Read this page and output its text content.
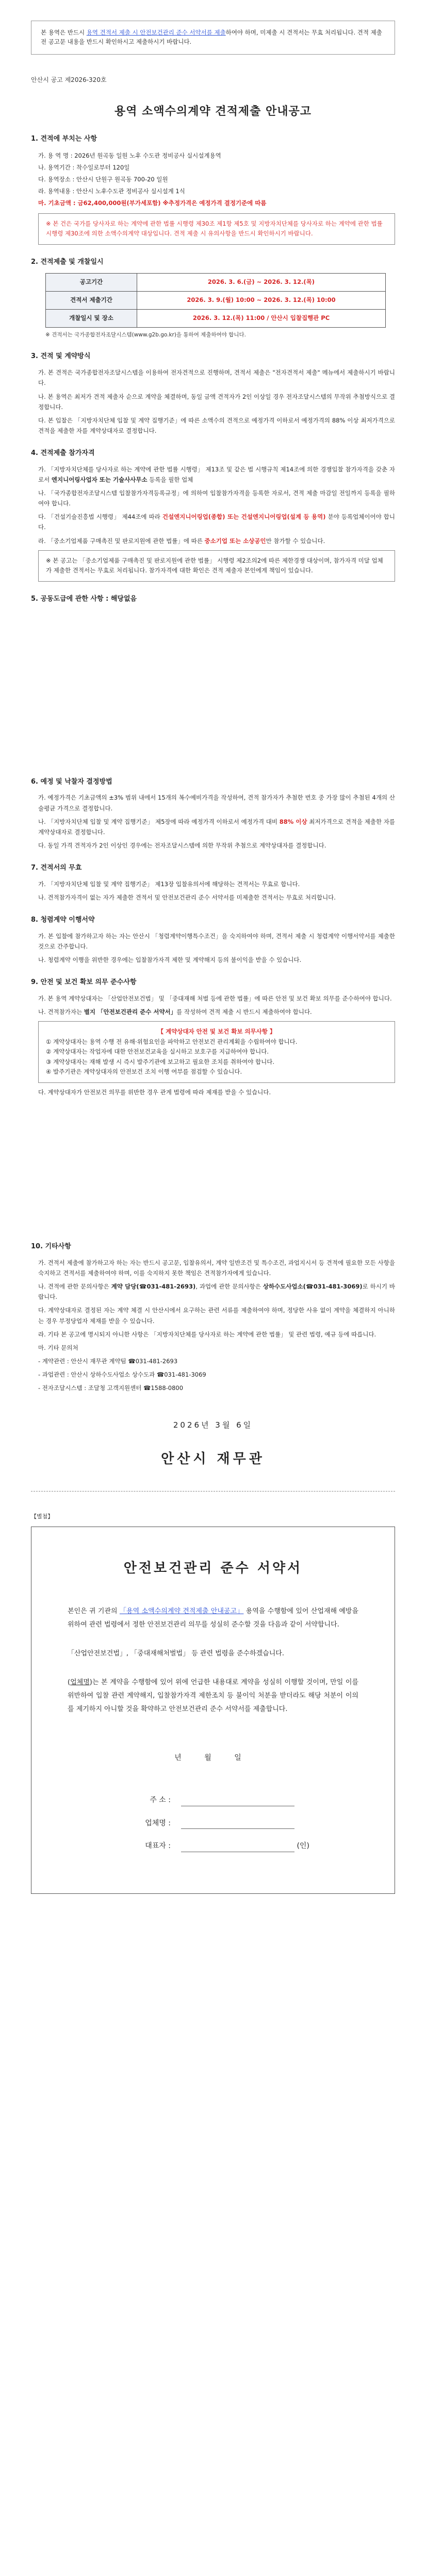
본 용역은 반드시 용역 견적서 제출 시 안전보건관리 준수 서약서를 제출하여야 하며, 미제출 시 견적서는 무효 처리됩니다. 견적 제출 전 공고문 내용을 반드시 확인하시고 제출하시기 바랍니다.
안산시 공고 제2026-320호
용역 소액수의계약 견적제출 안내공고
1. 견적에 부치는 사항
가. 용 역 명 : 2026년 원곡동 일원 노후 수도관 정비공사 실시설계용역
나. 용역기간 : 착수일로부터 120일
다. 용역장소 : 안산시 단원구 원곡동 700-20 일원
라. 용역내용 : 안산시 노후수도관 정비공사 실시설계 1식
마. 기초금액 : 금62,400,000원(부가세포함) ※추정가격은 예정가격 결정기준에 따름
※ 본 건은 국가를 당사자로 하는 계약에 관한 법률 시행령 제30조 제1항 제5호 및 지방자치단체를 당사자로 하는 계약에 관한 법률 시행령 제30조에 의한 소액수의계약 대상입니다. 견적 제출 시 유의사항을 반드시 확인하시기 바랍니다.
2. 견적제출 및 개찰일시
공고기간	2026. 3. 6.(금) ~ 2026. 3. 12.(목)
견적서 제출기간	2026. 3. 9.(월) 10:00 ~ 2026. 3. 12.(목) 10:00
개찰일시 및 장소	2026. 3. 12.(목) 11:00 / 안산시 입찰집행관 PC
※ 견적서는 국가종합전자조달시스템(www.g2b.go.kr)을 통하여 제출하여야 합니다.
3. 견적 및 계약방식
가. 본 견적은 국가종합전자조달시스템을 이용하여 전자견적으로 진행하며, 견적서 제출은 "전자견적서 제출" 메뉴에서 제출하시기 바랍니다.
나. 본 용역은 최저가 견적 제출자 순으로 계약을 체결하며, 동일 금액 견적자가 2인 이상일 경우 전자조달시스템의 무작위 추첨방식으로 결정합니다.
다. 본 입찰은 「지방자치단체 입찰 및 계약 집행기준」에 따른 소액수의 견적으로 예정가격 이하로서 예정가격의 88% 이상 최저가격으로 견적을 제출한 자를 계약상대자로 결정합니다.
4. 견적제출 참가자격
가. 「지방자치단체를 당사자로 하는 계약에 관한 법률 시행령」 제13조 및 같은 법 시행규칙 제14조에 의한 경쟁입찰 참가자격을 갖춘 자로서 엔지니어링사업자 또는 기술사사무소 등록을 필한 업체
나. 「국가종합전자조달시스템 입찰참가자격등록규정」에 의하여 입찰참가자격을 등록한 자로서, 견적 제출 마감일 전일까지 등록을 필하여야 합니다.
다. 「건설기술진흥법 시행령」 제44조에 따라 건설엔지니어링업(종합) 또는 건설엔지니어링업(설계 등 용역) 분야 등록업체이어야 합니다.
라. 「중소기업제품 구매촉진 및 판로지원에 관한 법률」에 따른 중소기업 또는 소상공인만 참가할 수 있습니다.
※ 본 공고는 「중소기업제품 구매촉진 및 판로지원에 관한 법률」 시행령 제2조의2에 따른 제한경쟁 대상이며, 참가자격 미달 업체가 제출한 견적서는 무효로 처리됩니다. 참가자격에 대한 확인은 견적 제출자 본인에게 책임이 있습니다.
5. 공동도급에 관한 사항 : 해당없음
6. 예정 및 낙찰자 결정방법
가. 예정가격은 기초금액의 ±3% 범위 내에서 15개의 복수예비가격을 작성하여, 견적 참가자가 추첨한 번호 중 가장 많이 추첨된 4개의 산술평균 가격으로 결정합니다.
나. 「지방자치단체 입찰 및 계약 집행기준」 제5장에 따라 예정가격 이하로서 예정가격 대비 88% 이상 최저가격으로 견적을 제출한 자를 계약상대자로 결정합니다.
다. 동일 가격 견적자가 2인 이상인 경우에는 전자조달시스템에 의한 무작위 추첨으로 계약상대자를 결정합니다.
7. 견적서의 무효
가. 「지방자치단체 입찰 및 계약 집행기준」 제13장 입찰유의서에 해당하는 견적서는 무효로 합니다.
나. 견적참가자격이 없는 자가 제출한 견적서 및 안전보건관리 준수 서약서를 미제출한 견적서는 무효로 처리합니다.
8. 청렴계약 이행서약
가. 본 입찰에 참가하고자 하는 자는 안산시 「청렴계약이행특수조건」을 숙지하여야 하며, 견적서 제출 시 청렴계약 이행서약서를 제출한 것으로 간주합니다.
나. 청렴계약 이행을 위반한 경우에는 입찰참가자격 제한 및 계약해지 등의 불이익을 받을 수 있습니다.
9. 안전 및 보건 확보 의무 준수사항
가. 본 용역 계약상대자는 「산업안전보건법」 및 「중대재해 처벌 등에 관한 법률」에 따른 안전 및 보건 확보 의무를 준수하여야 합니다.
나. 견적참가자는 별지 「안전보건관리 준수 서약서」를 작성하여 견적 제출 시 반드시 제출하여야 합니다.
【 계약상대자 안전 및 보건 확보 의무사항 】
① 계약상대자는 용역 수행 전 유해·위험요인을 파악하고 안전보건 관리계획을 수립하여야 합니다.
② 계약상대자는 작업자에 대한 안전보건교육을 실시하고 보호구를 지급하여야 합니다.
③ 계약상대자는 재해 발생 시 즉시 발주기관에 보고하고 필요한 조치를 취하여야 합니다.
④ 발주기관은 계약상대자의 안전보건 조치 이행 여부를 점검할 수 있습니다.
다. 계약상대자가 안전보건 의무를 위반한 경우 관계 법령에 따라 제재를 받을 수 있습니다.
10. 기타사항
가. 견적서 제출에 참가하고자 하는 자는 반드시 공고문, 입찰유의서, 계약 일반조건 및 특수조건, 과업지시서 등 견적에 필요한 모든 사항을 숙지하고 견적서를 제출하여야 하며, 이를 숙지하지 못한 책임은 견적참가자에게 있습니다.
나. 견적에 관한 문의사항은 계약 담당(☎031-481-2693), 과업에 관한 문의사항은 상하수도사업소(☎031-481-3069)로 하시기 바랍니다.
다. 계약상대자로 결정된 자는 계약 체결 시 안산시에서 요구하는 관련 서류를 제출하여야 하며, 정당한 사유 없이 계약을 체결하지 아니하는 경우 부정당업자 제재를 받을 수 있습니다.
라. 기타 본 공고에 명시되지 아니한 사항은 「지방자치단체를 당사자로 하는 계약에 관한 법률」 및 관련 법령, 예규 등에 따릅니다.
마. 기타 문의처
- 계약관련 : 안산시 재무관 계약팀 ☎031-481-2693
- 과업관련 : 안산시 상하수도사업소 상수도과 ☎031-481-3069
- 전자조달시스템 : 조달청 고객지원센터 ☎1588-0800
2026년 3월 6일
안산시 재무관
【별첨】
안전보건관리 준수 서약서

본인은 귀 기관의 「용역 소액수의계약 견적제출 안내공고」 용역을 수행함에 있어 산업재해 예방을 위하여 관련 법령에서 정한 안전보건관리 의무를 성실히 준수할 것을 다음과 같이 서약합니다.

「산업안전보건법」, 「중대재해처벌법」 등 관련 법령을 준수하겠습니다.

(업체명)는 본 계약을 수행함에 있어 위에 언급한 내용대로 계약을 성실히 이행할 것이며, 만일 이를 위반하여 입찰 관련 계약해지, 입찰참가자격 제한조치 등 불이익 처분을 받더라도 해당 처분이 이의를 제기하지 아니할 것을 확약하고 안전보건관리 준수 서약서를 제출합니다.

년 월 일
주 소 :
업체명 :
대표자 :	(인)
